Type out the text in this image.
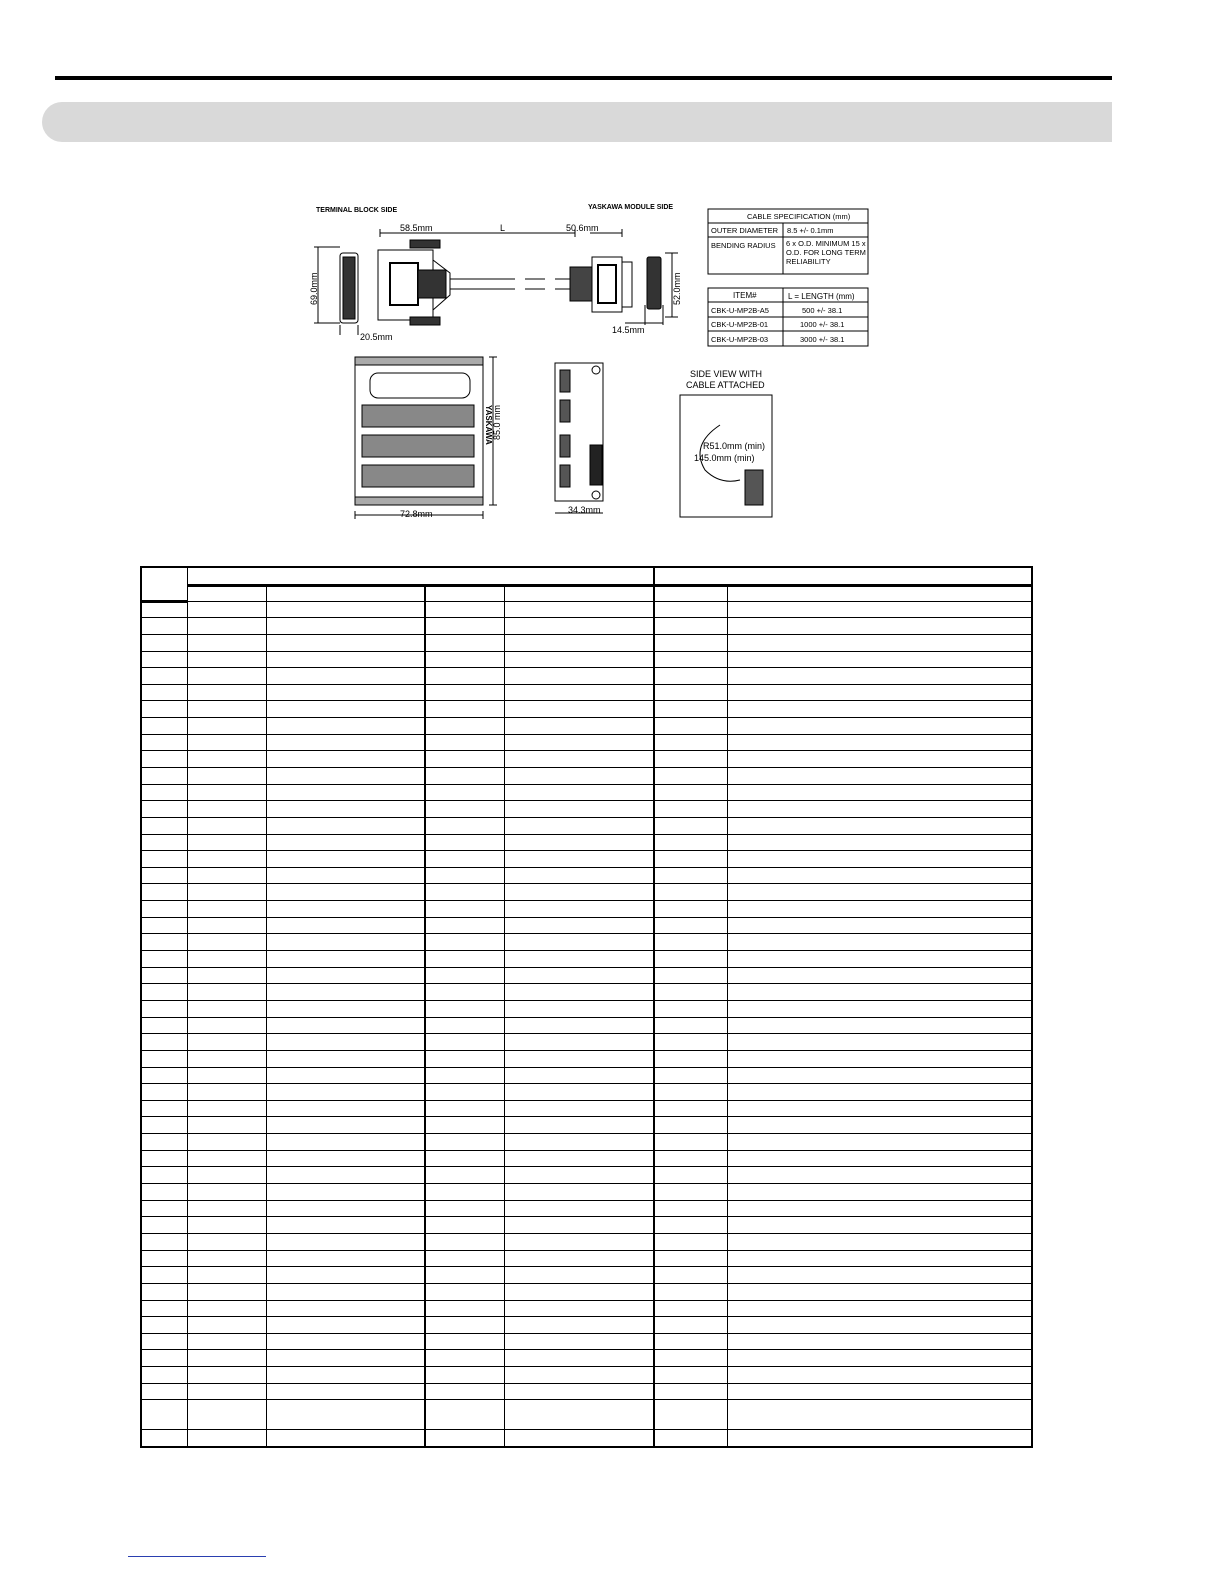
TERMINAL BLOCK SIDE	YASKAWA MODULE SIDE
69.0mm
20.5mm
58.5mm	L	50.6mm
14.5mm
52.0mm
72.8mm
85.0 mm
YASKAWA
34.3mm
SIDE VIEW WITH
CABLE ATTACHED
R51.0mm (min)
145.0mm (min)
CABLE SPECIFICATION (mm)
OUTER DIAMETER 8.5 +/- 0.1mm
BENDING RADIUS 6 x O.D. MINIMUM 15 x O.D. FOR LONG TERM RELIABILITY
ITEM#	L = LENGTH (mm)
CBK-U-MP2B-A5	500 +/- 38.1
CBK-U-MP2B-01	1000 +/- 38.1
CBK-U-MP2B-03	3000 +/- 38.1
